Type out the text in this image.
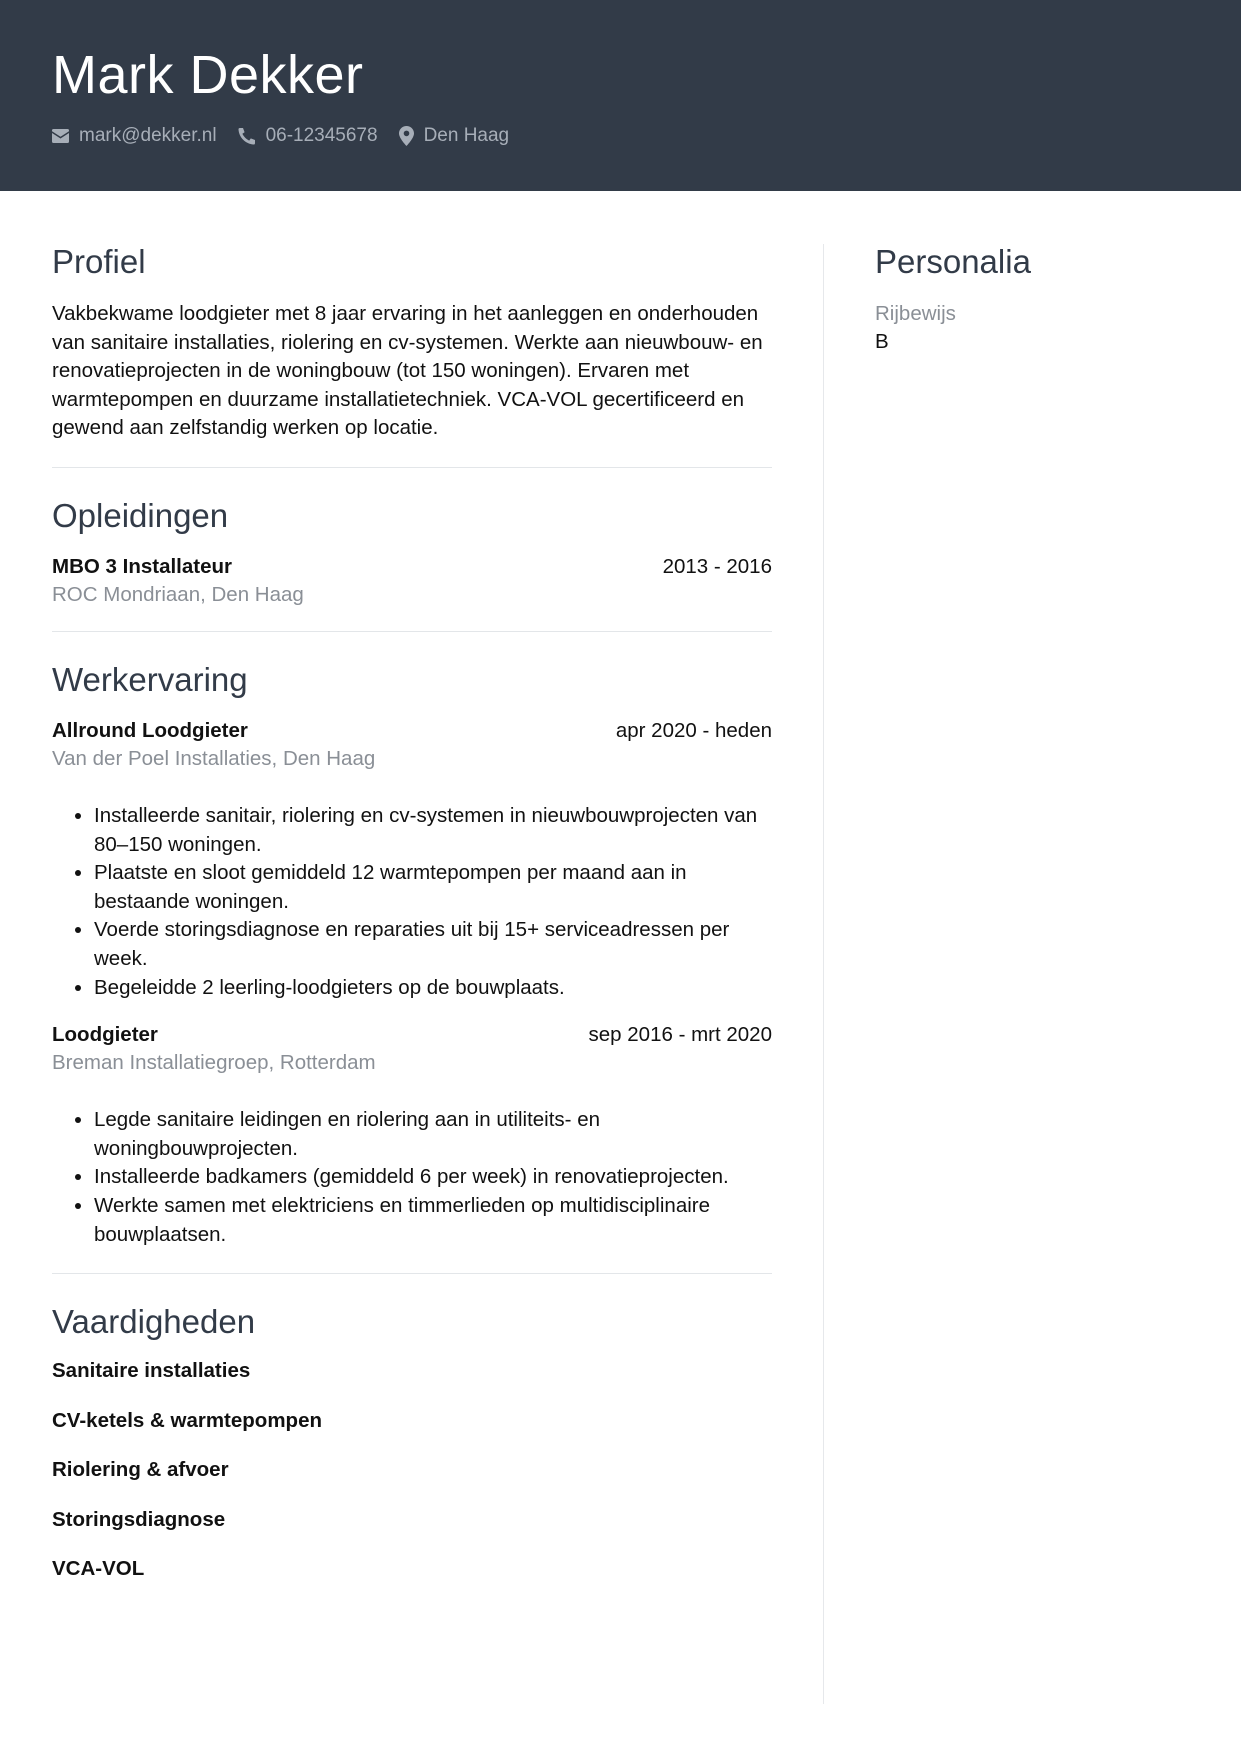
Mark Dekker
mark@dekker.nl	06-12345678 Den Haag
Profiel
Vakbekwame loodgieter met 8 jaar ervaring in het aanleggen en onderhouden van sanitaire installaties, riolering en cv-systemen. Werkte aan nieuwbouw- en renovatieprojecten in de woningbouw (tot 150 woningen). Ervaren met warmtepompen en duurzame installatietechniek. VCA-VOL gecertificeerd en gewend aan zelfstandig werken op locatie.
Opleidingen
MBO 3 Installateur	2013 - 2016
ROC Mondriaan, Den Haag
Werkervaring
Allround Loodgieter	apr 2020 - heden
Van der Poel Installaties, Den Haag
• Installeerde sanitair, riolering en cv-systemen in nieuwbouwprojecten van 80–150 woningen.
• Plaatste en sloot gemiddeld 12 warmtepompen per maand aan in bestaande woningen.
• Voerde storingsdiagnose en reparaties uit bij 15+ serviceadressen per week.
• Begeleidde 2 leerling-loodgieters op de bouwplaats.
Loodgieter	sep 2016 - mrt 2020
Breman Installatiegroep, Rotterdam
• Legde sanitaire leidingen en riolering aan in utiliteits- en woningbouwprojecten.
• Installeerde badkamers (gemiddeld 6 per week) in renovatieprojecten.
• Werkte samen met elektriciens en timmerlieden op multidisciplinaire bouwplaatsen.
Vaardigheden
Sanitaire installaties
CV-ketels & warmtepompen
Riolering & afvoer
Storingsdiagnose
VCA-VOL
Personalia
Rijbewijs
B
